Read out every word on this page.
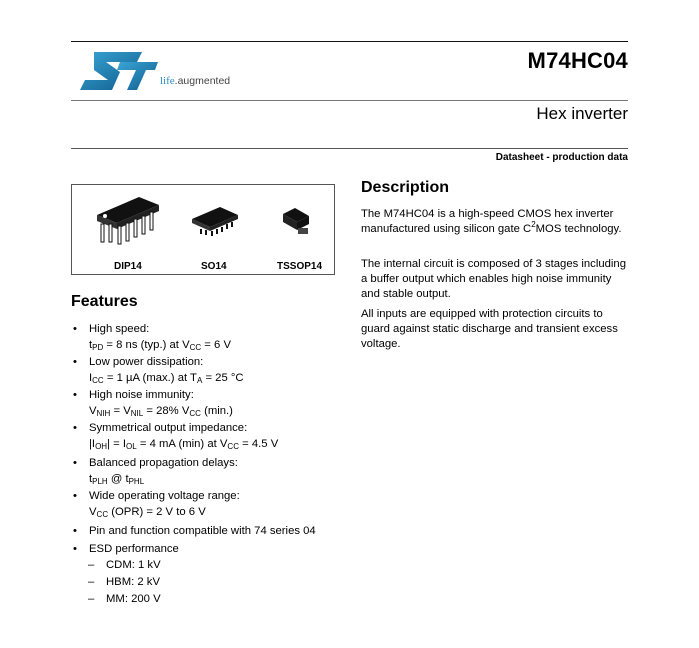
life.augmented
M74HC04
Hex inverter
Datasheet - production data
DIP14	SO14	TSSOP14
Features
• High speed:
$t_{PD} = 8$ ns (typ.) at $V_{CC} = 6$ V
• Low power dissipation:
$I_{CC} = 1$ µA (max.) at $T_A = 25$ °C
• High noise immunity:
$V_{NIH} = V_{NIL} = 28\%$ $V_{CC}$ (min.)
• Symmetrical output impedance:
$|I_{OH}| = I_{OL} = 4$ mA (min) at $V_{CC} = 4.5$ V
• Balanced propagation delays:
$t_{PLH}$ @ $t_{PHL}$
• Wide operating voltage range:
$V_{CC}$ (OPR) = 2 V to 6 V
• Pin and function compatible with 74 series 04
• ESD performance
– CDM: 1 kV
– HBM: 2 kV
– MM: 200 V
Description
The M74HC04 is a high-speed CMOS hex inverter manufactured using silicon gate $C^2MOS$ technology.
The internal circuit is composed of 3 stages including a buffer output which enables high noise immunity and stable output.
All inputs are equipped with protection circuits to guard against static discharge and transient excess voltage.
